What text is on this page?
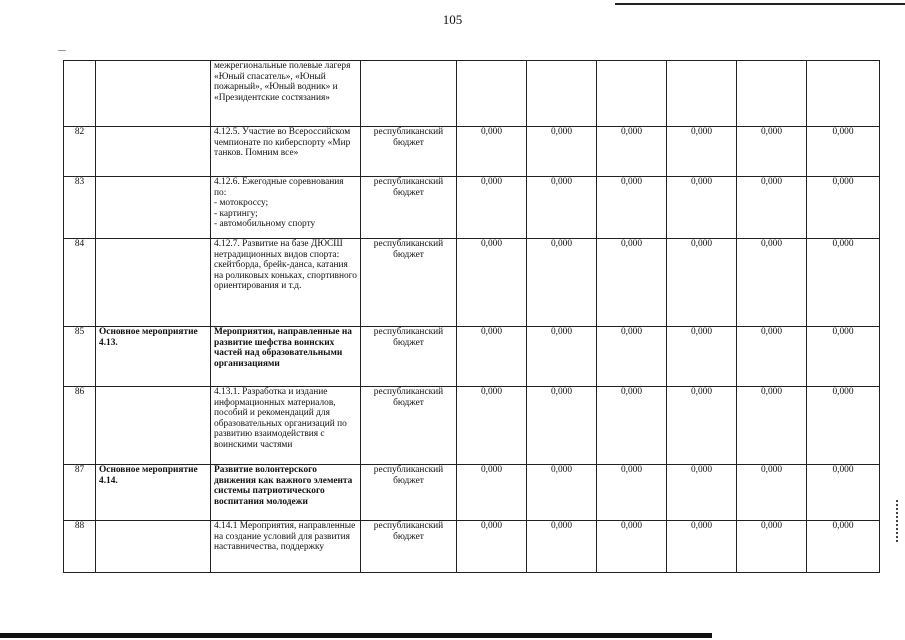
105
		межрегиональные полевые лагеря «Юный спасатель», «Юный пожарный», «Юный водник» и «Президентские состязания»							
82		4.12.5. Участие во Всероссийском чемпионате по киберспорту «Мир танков. Помним все»	республиканский бюджет	0,000	0,000	0,000	0,000	0,000	0,000
83		4.12.6. Ежегодные соревнования по:
- мотокроссу;
- картингу;
- автомобильному спорту	республиканский бюджет	0,000	0,000	0,000	0,000	0,000	0,000
84		4.12.7. Развитие на базе ДЮСШ нетрадиционных видов спорта: скейтборда, брейк-данса, катания на роликовых коньках, спортивного ориентирования и т.д.	республиканский бюджет	0,000	0,000	0,000	0,000	0,000	0,000
85	Основное мероприятие 4.13.	Мероприятия, направленные на развитие шефства воинских частей над образовательными организациями	республиканский бюджет	0,000	0,000	0,000	0,000	0,000	0,000
86		4.13.1. Разработка и издание информационных материалов, пособий и рекомендаций для образовательных организаций по развитию взаимодействия с воинскими частями	республиканский бюджет	0,000	0,000	0,000	0,000	0,000	0,000
87	Основное мероприятие 4.14.	Развитие волонтерского движения как важного элемента системы патриотического воспитания молодежи	республиканский бюджет	0,000	0,000	0,000	0,000	0,000	0,000
88		4.14.1 Мероприятия, направленные на создание условий для развития наставничества, поддержку	республиканский бюджет	0,000	0,000	0,000	0,000	0,000	0,000
